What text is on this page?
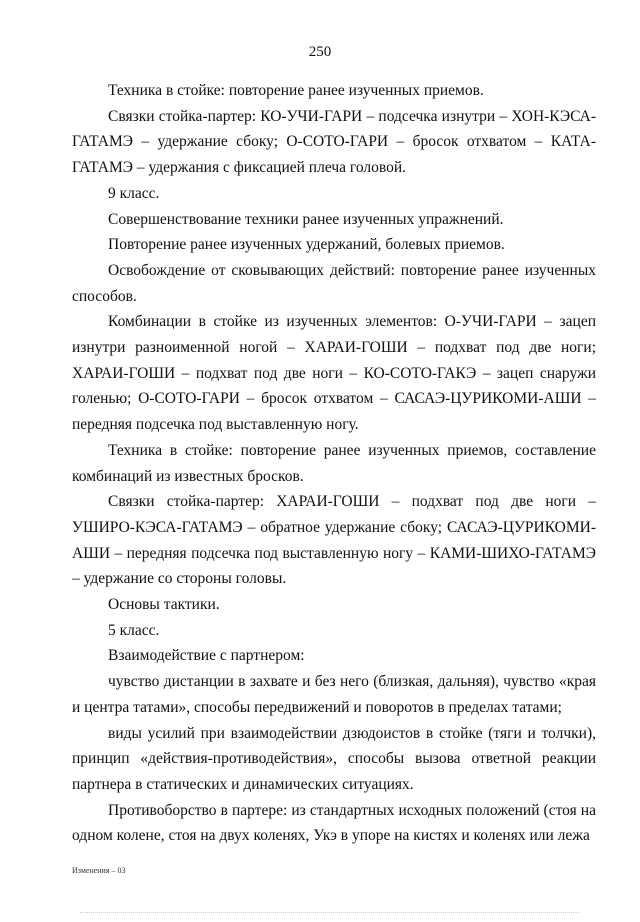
250

Техника в стойке: повторение ранее изученных приемов.

Связки стойка-партер: КО-УЧИ-ГАРИ – подсечка изнутри – ХОН-КЭСА-ГАТАМЭ – удержание сбоку; О-СОТО-ГАРИ – бросок отхватом – КАТА-ГАТАМЭ – удержания с фиксацией плеча головой.

9 класс.

Совершенствование техники ранее изученных упражнений.

Повторение ранее изученных удержаний, болевых приемов.

Освобождение от сковывающих действий: повторение ранее изученных способов.

Комбинации в стойке из изученных элементов: О-УЧИ-ГАРИ – зацеп изнутри разноименной ногой – ХАРАИ-ГОШИ – подхват под две ноги; ХАРАИ-ГОШИ – подхват под две ноги – КО-СОТО-ГАКЭ – зацеп снаружи голенью; О-СОТО-ГАРИ – бросок отхватом – САСАЭ-ЦУРИКОМИ-АШИ – передняя подсечка под выставленную ногу.

Техника в стойке: повторение ранее изученных приемов, составление комбинаций из известных бросков.

Связки стойка-партер: ХАРАИ-ГОШИ – подхват под две ноги – УШИРО-КЭСА-ГАТАМЭ – обратное удержание сбоку; САСАЭ-ЦУРИКОМИ-АШИ – передняя подсечка под выставленную ногу – КАМИ-ШИХО-ГАТАМЭ – удержание со стороны головы.

Основы тактики.

5 класс.

Взаимодействие с партнером:

чувство дистанции в захвате и без него (близкая, дальняя), чувство «края и центра татами», способы передвижений и поворотов в пределах татами;

виды усилий при взаимодействии дзюдоистов в стойке (тяги и толчки), принцип «действия-противодействия», способы вызова ответной реакции партнера в статических и динамических ситуациях.

Противоборство в партере: из стандартных исходных положений (стоя на одном колене, стоя на двух коленях, Укэ в упоре на кистях и коленях или лежа

Изменения – 03
